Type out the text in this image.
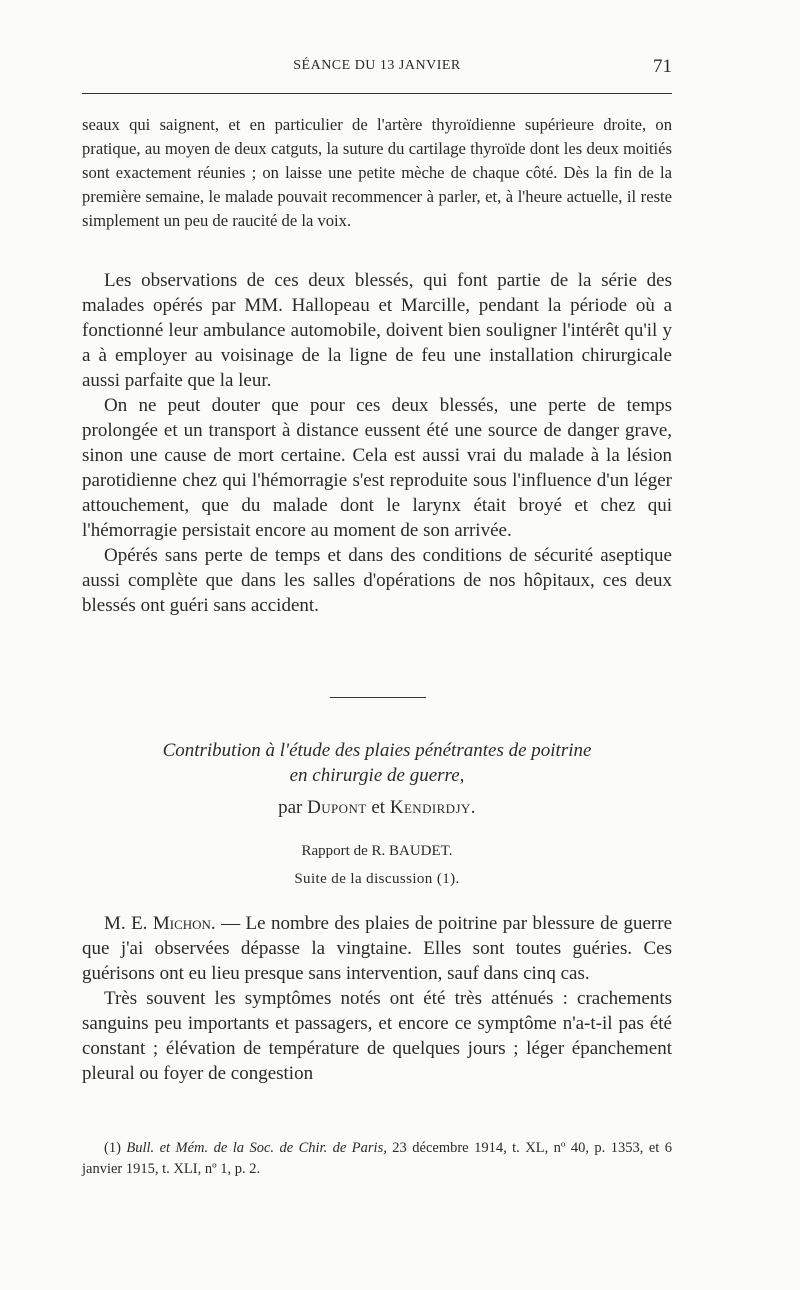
SÉANCE DU 13 JANVIER	71

seaux qui saignent, et en particulier de l'artère thyroïdienne supérieure droite, on pratique, au moyen de deux catguts, la suture du cartilage thyroïde dont les deux moitiés sont exactement réunies ; on laisse une petite mèche de chaque côté. Dès la fin de la première semaine, le malade pouvait recommencer à parler, et, à l'heure actuelle, il reste simplement un peu de raucité de la voix.

Les observations de ces deux blessés, qui font partie de la série des malades opérés par MM. Hallopeau et Marcille, pendant la période où a fonctionné leur ambulance automobile, doivent bien souligner l'intérêt qu'il y a à employer au voisinage de la ligne de feu une installation chirurgicale aussi parfaite que la leur.

On ne peut douter que pour ces deux blessés, une perte de temps prolongée et un transport à distance eussent été une source de danger grave, sinon une cause de mort certaine. Cela est aussi vrai du malade à la lésion parotidienne chez qui l'hémorragie s'est reproduite sous l'influence d'un léger attouchement, que du malade dont le larynx était broyé et chez qui l'hémorragie persistait encore au moment de son arrivée.

Opérés sans perte de temps et dans des conditions de sécurité aseptique aussi complète que dans les salles d'opérations de nos hôpitaux, ces deux blessés ont guéri sans accident.

Contribution à l'étude des plaies pénétrantes de poitrine
en chirurgie de guerre,
par Dupont et Kendirdjy.
Rapport de R. BAUDET.
Suite de la discussion (1).

M. E. Michon. — Le nombre des plaies de poitrine par blessure de guerre que j'ai observées dépasse la vingtaine. Elles sont toutes guéries. Ces guérisons ont eu lieu presque sans intervention, sauf dans cinq cas.

Très souvent les symptômes notés ont été très atténués : crachements sanguins peu importants et passagers, et encore ce symptôme n'a-t-il pas été constant ; élévation de température de quelques jours ; léger épanchement pleural ou foyer de congestion

(1) Bull. et Mém. de la Soc. de Chir. de Paris, 23 décembre 1914, t. XL, nº 40, p. 1353, et 6 janvier 1915, t. XLI, nº 1, p. 2.
